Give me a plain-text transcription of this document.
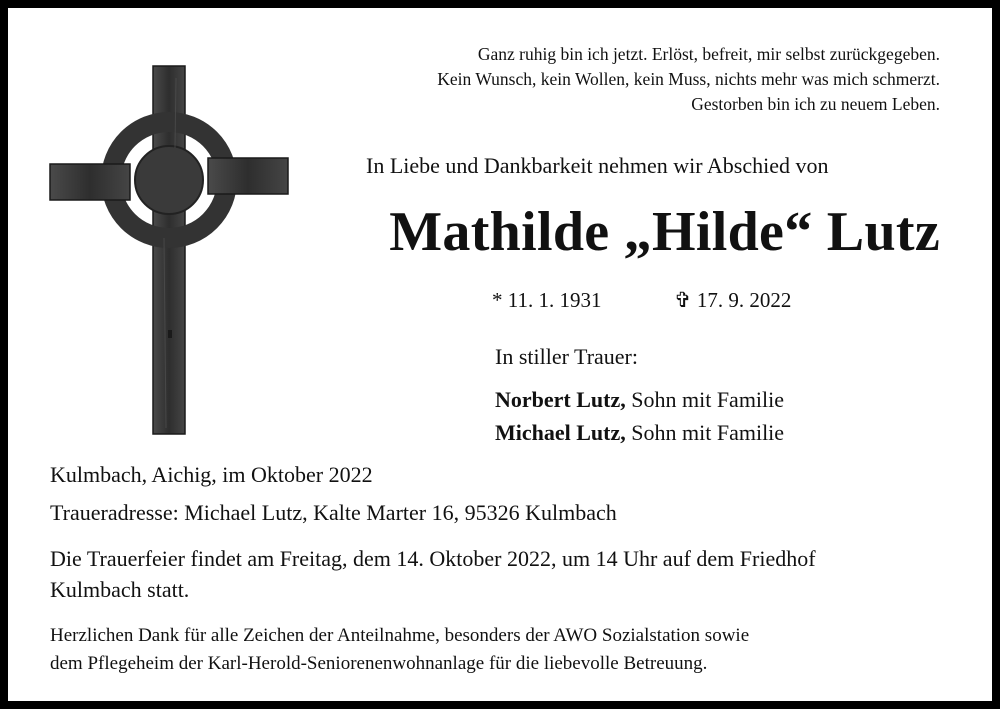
Ganz ruhig bin ich jetzt. Erlöst, befreit, mir selbst zurückgegeben.
Kein Wunsch, kein Wollen, kein Muss, nichts mehr was mich schmerzt.
Gestorben bin ich zu neuem Leben.
In Liebe und Dankbarkeit nehmen wir Abschied von
Mathilde „Hilde“ Lutz
* 11. 1. 1931	✞ 17. 9. 2022
In stiller Trauer:
Norbert Lutz, Sohn mit Familie
Michael Lutz, Sohn mit Familie
Kulmbach, Aichig, im Oktober 2022
Traueradresse: Michael Lutz, Kalte Marter 16, 95326 Kulmbach
Die Trauerfeier findet am Freitag, dem 14. Oktober 2022, um 14 Uhr auf dem Friedhof
Kulmbach statt.
Herzlichen Dank für alle Zeichen der Anteilnahme, besonders der AWO Sozialstation sowie
dem Pflegeheim der Karl-Herold-Seniorenenwohnanlage für die liebevolle Betreuung.
